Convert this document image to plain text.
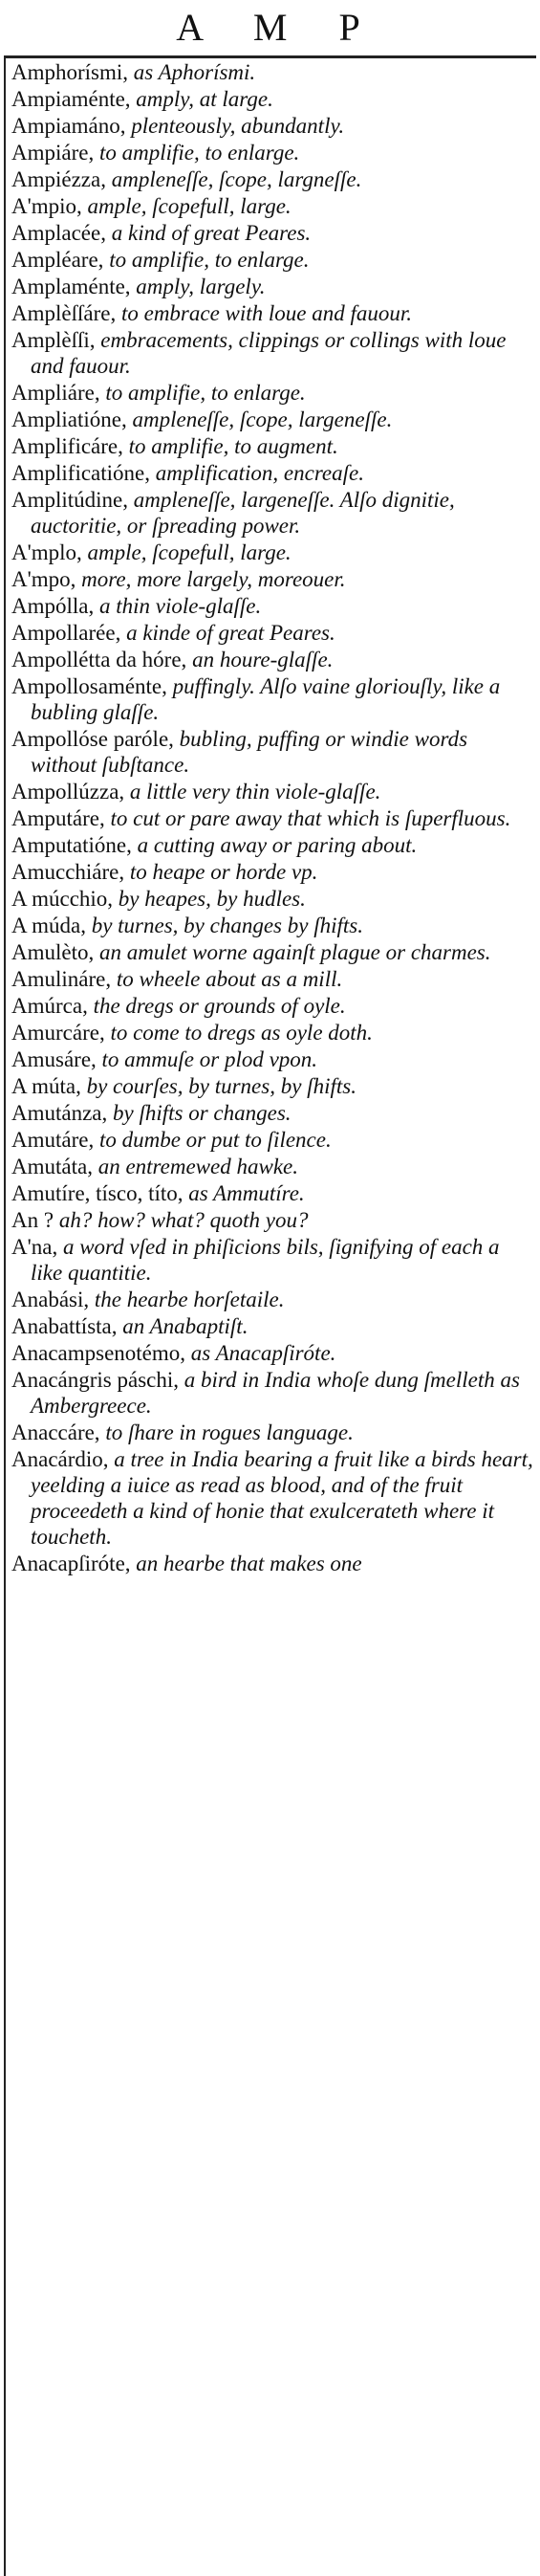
A M P

Amphorísmi, as Aphorísmi.

Ampiaménte, amply, at large.

Ampiamáno, plenteously, abundantly.

Ampiáre, to amplifie, to enlarge.

Ampiézza, ampleneſſe, ſcope, largneſſe.

A'mpio, ample, ſcopefull, large.

Amplacée, a kind of great Peares.

Ampléare, to amplifie, to enlarge.

Amplaménte, amply, largely.

Amplèſſáre, to embrace with loue and fauour.

Amplèſſi, embracements, clippings or collings with loue and fauour.

Ampliáre, to amplifie, to enlarge.

Ampliatióne, ampleneſſe, ſcope, largeneſſe.

Amplificáre, to amplifie, to augment.

Amplificatióne, amplification, encreaſe.

Amplitúdine, ampleneſſe, largeneſſe. Alſo dignitie, auctoritie, or ſpreading power.

A'mplo, ample, ſcopefull, large.

A'mpo, more, more largely, moreouer.

Ampólla, a thin viole-glaſſe.

Ampollarée, a kinde of great Peares.

Ampollétta da hóre, an houre-glaſſe.

Ampollosaménte, puffingly. Alſo vaine gloriouſly, like a bubling glaſſe.

Ampollóse paróle, bubling, puffing or windie words without ſubſtance.

Ampollúzza, a little very thin viole-glaſſe.

Amputáre, to cut or pare away that which is ſuperfluous.

Amputatióne, a cutting away or paring about.

Amucchiáre, to heape or horde vp.

A múcchio, by heapes, by hudles.

A múda, by turnes, by changes by ſhifts.

Amulèto, an amulet worne againſt plague or charmes.

Amulináre, to wheele about as a mill.

Amúrca, the dregs or grounds of oyle.

Amurcáre, to come to dregs as oyle doth.

Amusáre, to ammuſe or plod vpon.

A múta, by courſes, by turnes, by ſhifts.

Amutánza, by ſhifts or changes.

Amutáre, to dumbe or put to ſilence.

Amutáta, an entremewed hawke.

Amutíre, tísco, títo, as Ammutíre.

An ? ah? how? what? quoth you?

A'na, a word vſed in phiſicions bils, ſignifying of each a like quantitie.

Anabási, the hearbe horſetaile.

Anabattísta, an Anabaptiſt.

Anacampsenotémo, as Anacapſiróte.

Anacángris páschi, a bird in India whoſe dung ſmelleth as Ambergreece.

Anaccáre, to ſhare in rogues language.

Anacárdio, a tree in India bearing a fruit like a birds heart, yeelding a iuice as read as blood, and of the fruit proceedeth a kind of honie that exulcerateth where it toucheth.

Anacapſiróte, an hearbe that makes one
